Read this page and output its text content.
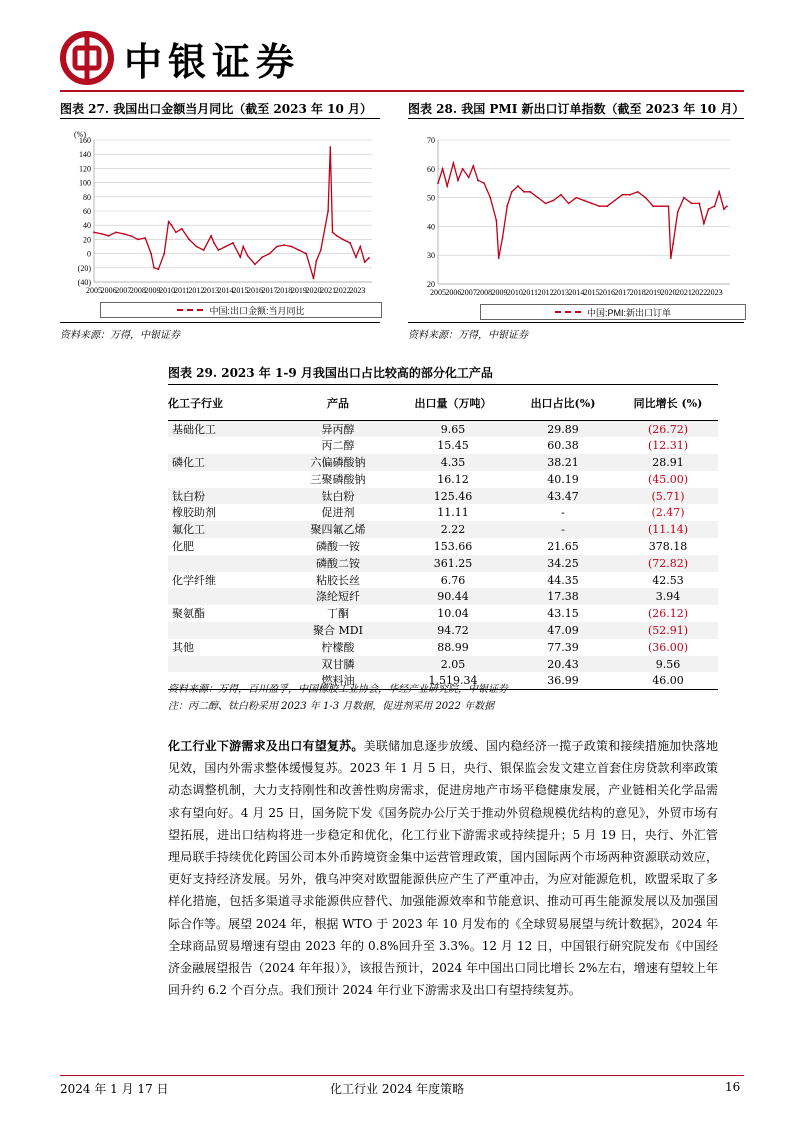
中银证券
图表 27. 我国出口金额当月同比（截至 2023 年 10 月）
160
140
120
100
80
60
40
20
0
(20)
(40)
2005
2006
2007
2008
2009
2010
2011
2012
2013
2014
2015
2016
2017
2018
2019
2020
2021
2022
2023
(%)
中国:出口金额:当月同比
资料来源：万得，中银证券
图表 28. 我国 PMI 新出口订单指数（截至 2023 年 10 月）
70
60
50
40
30
20
2005 2006 2007 2008 2009 2010 2011 2012 2013 2014 2015 2016 2017 2018 2019 2020 2021 2022 2023
中国:PMI:新出口订单
资料来源：万得，中银证券
图表 29. 2023 年 1-9 月我国出口占比较高的部分化工产品
化工子行业	产品	出口量（万吨）	出口占比(%)	同比增长 (%)
基础化工	异丙醇	9.65	29.89	(26.72)
	丙二醇	15.45	60.38	(12.31)
磷化工	六偏磷酸钠	4.35	38.21	28.91
	三聚磷酸钠	16.12	40.19	(45.00)
钛白粉	钛白粉	125.46	43.47	(5.71)
橡胶助剂	促进剂	11.11	-	(2.47)
氟化工	聚四氟乙烯	2.22	-	(11.14)
化肥	磷酸一铵	153.66	21.65	378.18
	磷酸二铵	361.25	34.25	(72.82)
化学纤维	粘胶长丝	6.76	44.35	42.53
	涤纶短纤	90.44	17.38	3.94
聚氨酯	丁酮	10.04	43.15	(26.12)
	聚合 MDI	94.72	47.09	(52.91)
其他	柠檬酸	88.99	77.39	(36.00)
	双甘膦	2.05	20.43	9.56
	燃料油	1,519.34	36.99	46.00
资料来源：万得，百川盈孚，中国橡胶工业协会，华经产业研究院，中银证券
注：丙二醇、钛白粉采用 2023 年 1-3 月数据，促进剂采用 2022 年数据
化工行业下游需求及出口有望复苏。美联储加息逐步放缓、国内稳经济一揽子政策和接续措施加快落地见效，国内外需求整体缓慢复苏。2023 年 1 月 5 日，央行、银保监会发文建立首套住房贷款利率政策动态调整机制，大力支持刚性和改善性购房需求，促进房地产市场平稳健康发展，产业链相关化学品需求有望向好。4 月 25 日，国务院下发《国务院办公厅关于推动外贸稳规模优结构的意见》，外贸市场有望拓展，进出口结构将进一步稳定和优化，化工行业下游需求或持续提升；5 月 19 日，央行、外汇管理局联手持续优化跨国公司本外币跨境资金集中运营管理政策，国内国际两个市场两种资源联动效应，更好支持经济发展。另外，俄乌冲突对欧盟能源供应产生了严重冲击，为应对能源危机，欧盟采取了多样化措施，包括多渠道寻求能源供应替代、加强能源效率和节能意识、推动可再生能源发展以及加强国际合作等。展望 2024 年，根据 WTO 于 2023 年 10 月发布的《全球贸易展望与统计数据》，2024 年全球商品贸易增速有望由 2023 年的 0.8%回升至 3.3%。12 月 12 日，中国银行研究院发布《中国经济金融展望报告（2024 年年报）》，该报告预计，2024 年中国出口同比增长 2%左右，增速有望较上年回升约 6.2 个百分点。我们预计 2024 年行业下游需求及出口有望持续复苏。
2024 年 1 月 17 日	化工行业 2024 年度策略	16
